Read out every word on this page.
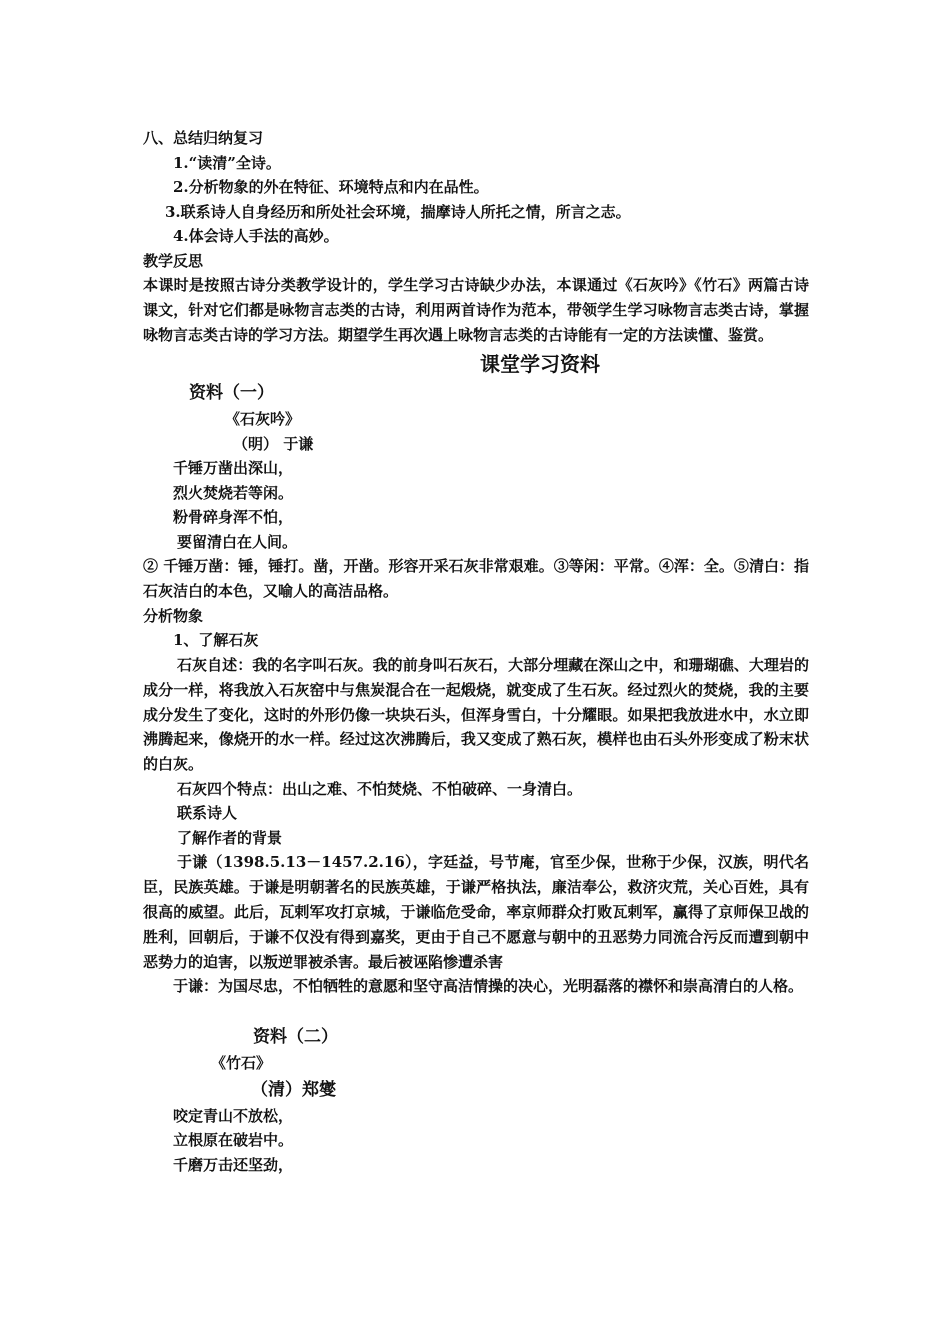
八、总结归纳复习
1.“读清”全诗。
2.分析物象的外在特征、环境特点和内在品性。
3.联系诗人自身经历和所处社会环境，揣摩诗人所托之情，所言之志。
4.体会诗人手法的高妙。
教学反思
本课时是按照古诗分类教学设计的，学生学习古诗缺少办法，本课通过《石灰吟》《竹石》两篇古诗课文，针对它们都是咏物言志类的古诗，利用两首诗作为范本，带领学生学习咏物言志类古诗，掌握咏物言志类古诗的学习方法。期望学生再次遇上咏物言志类的古诗能有一定的方法读懂、鉴赏。
课堂学习资料
资料（一）
《石灰吟》
（明） 于谦
千锤万凿出深山，
烈火焚烧若等闲。
粉骨碎身浑不怕，
要留清白在人间。
② 千锤万凿：锤，锤打。凿，开凿。形容开采石灰非常艰难。③等闲：平常。④浑：全。⑤清白：指石灰洁白的本色，又喻人的高洁品格。
分析物象
1、了解石灰
石灰自述：我的名字叫石灰。我的前身叫石灰石，大部分埋藏在深山之中，和珊瑚礁、大理岩的成分一样，将我放入石灰窑中与焦炭混合在一起煅烧，就变成了生石灰。经过烈火的焚烧，我的主要成分发生了变化，这时的外形仍像一块块石头，但浑身雪白，十分耀眼。如果把我放进水中，水立即沸腾起来，像烧开的水一样。经过这次沸腾后，我又变成了熟石灰，模样也由石头外形变成了粉末状的白灰。
石灰四个特点：出山之难、不怕焚烧、不怕破碎、一身清白。
联系诗人
了解作者的背景
于谦（1398.5.13－1457.2.16），字廷益，号节庵，官至少保，世称于少保，汉族，明代名臣，民族英雄。于谦是明朝著名的民族英雄，于谦严格执法，廉洁奉公，救济灾荒，关心百姓，具有很高的威望。此后，瓦剌军攻打京城，于谦临危受命，率京师群众打败瓦剌军，赢得了京师保卫战的胜利，回朝后，于谦不仅没有得到嘉奖，更由于自己不愿意与朝中的丑恶势力同流合污反而遭到朝中恶势力的迫害，以叛逆罪被杀害。最后被诬陷惨遭杀害
于谦：为国尽忠，不怕牺牲的意愿和坚守高洁情操的决心，光明磊落的襟怀和崇高清白的人格。
资料（二）
《竹石》
（清）郑燮
咬定青山不放松，
立根原在破岩中。
千磨万击还坚劲，
